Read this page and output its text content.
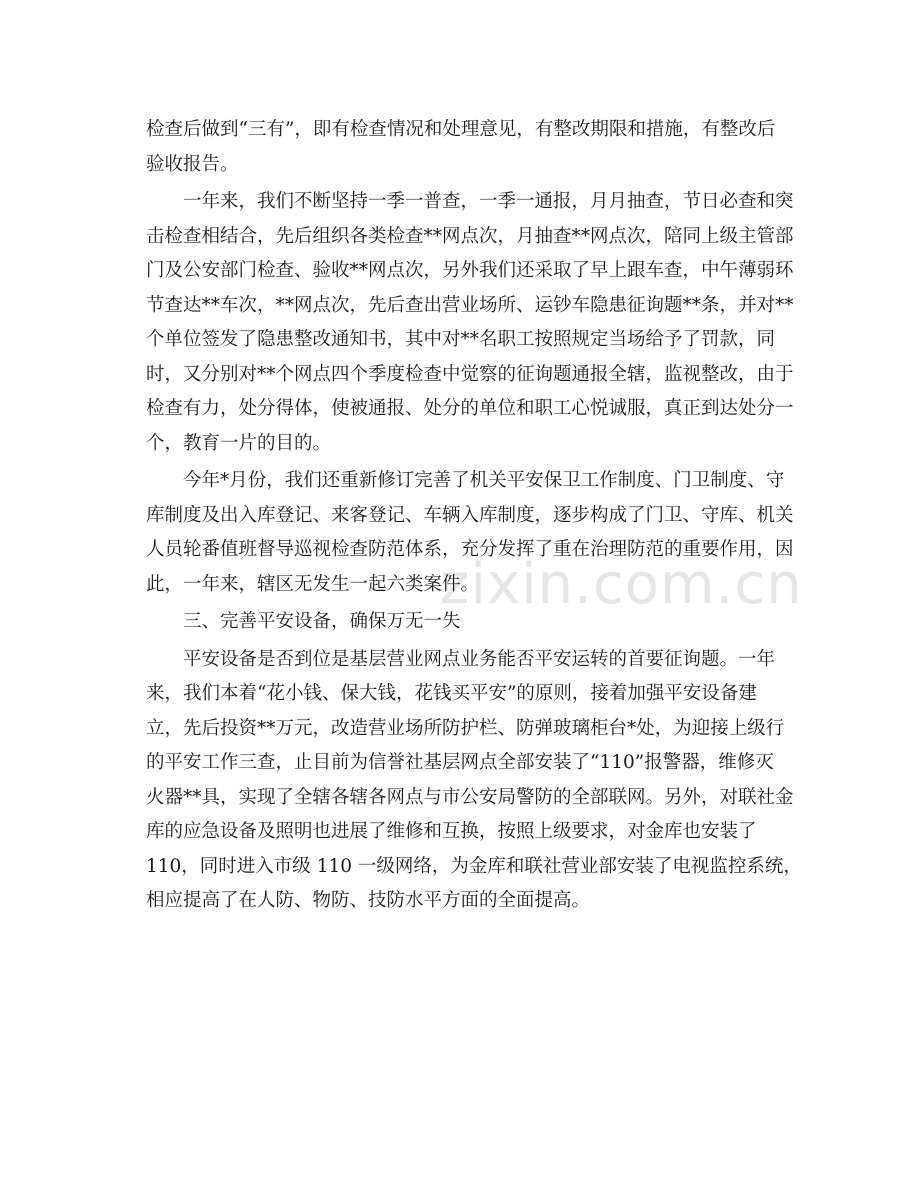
zixin.com.cn
检查后做到“三有”，即有检查情况和处理意见，有整改期限和措施，有整改后
验收报告。
　　一年来，我们不断坚持一季一普查，一季一通报，月月抽查，节日必查和突
击检查相结合，先后组织各类检查**网点次，月抽查**网点次，陪同上级主管部
门及公安部门检查、验收**网点次，另外我们还采取了早上跟车查，中午薄弱环
节查达**车次，**网点次，先后查出营业场所、运钞车隐患征询题**条，并对**
个单位签发了隐患整改通知书，其中对**名职工按照规定当场给予了罚款，同
时，又分别对**个网点四个季度检查中觉察的征询题通报全辖，监视整改，由于
检查有力，处分得体，使被通报、处分的单位和职工心悦诚服，真正到达处分一
个，教育一片的目的。
　　今年*月份，我们还重新修订完善了机关平安保卫工作制度、门卫制度、守
库制度及出入库登记、来客登记、车辆入库制度，逐步构成了门卫、守库、机关
人员轮番值班督导巡视检查防范体系，充分发挥了重在治理防范的重要作用，因
此，一年来，辖区无发生一起六类案件。
　　三、完善平安设备，确保万无一失
　　平安设备是否到位是基层营业网点业务能否平安运转的首要征询题。一年
来，我们本着“花小钱、保大钱，花钱买平安”的原则，接着加强平安设备建
立，先后投资**万元，改造营业场所防护栏、防弹玻璃柜台*处，为迎接上级行
的平安工作三查，止目前为信誉社基层网点全部安装了“110”报警器，维修灭
火器**具，实现了全辖各辖各网点与市公安局警防的全部联网。另外，对联社金
库的应急设备及照明也进展了维修和互换，按照上级要求，对金库也安装了
110，同时进入市级 110 一级网络，为金库和联社营业部安装了电视监控系统，
相应提高了在人防、物防、技防水平方面的全面提高。
